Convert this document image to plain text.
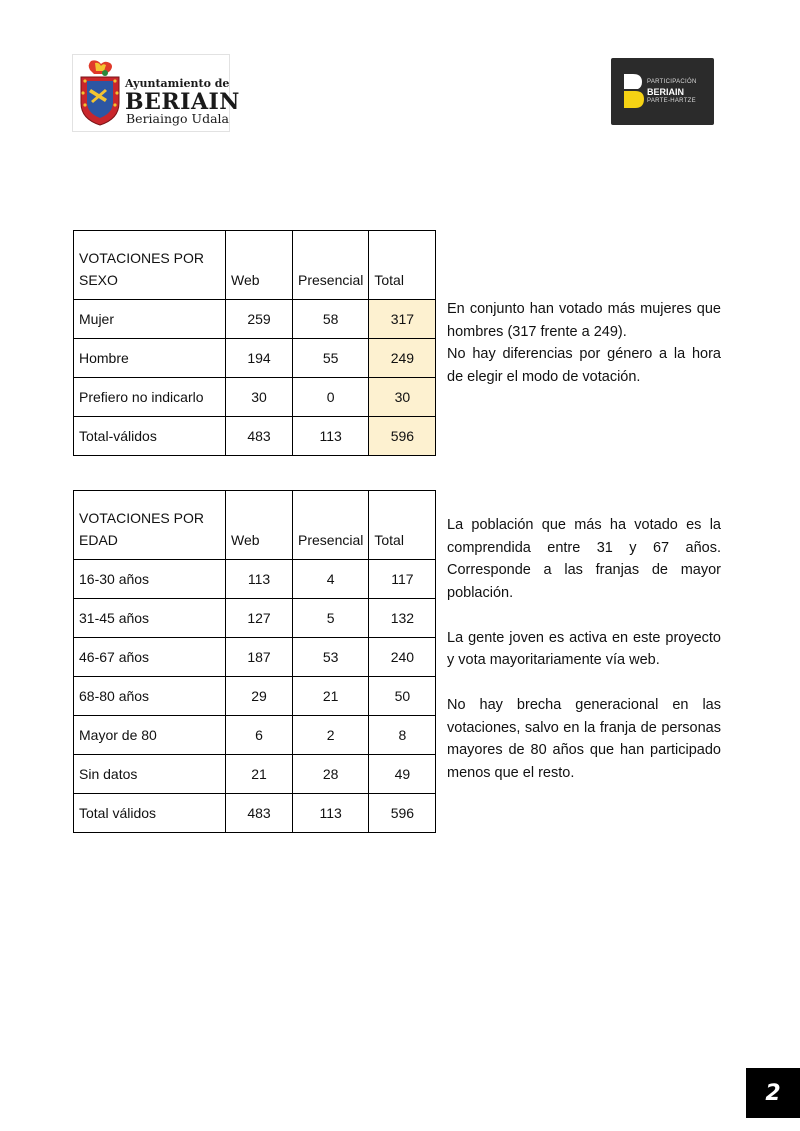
Ayuntamiento de
BERIAIN
Beriaingo Udala
PARTICIPACIÓN
BERIAIN
PARTE-HARTZE
VOTACIONES POR SEXO	Web	Presencial	Total
Mujer	259	58	317
Hombre	194	55	249
Prefiero no indicarlo	30	0	30
Total-válidos	483	113	596

En conjunto han votado más mujeres que hombres (317 frente a 249).

No hay diferencias por género a la hora de elegir el modo de votación.

VOTACIONES POR EDAD	Web	Presencial	Total
16-30 años	113	4	117
31-45 años	127	5	132
46-67 años	187	53	240
68-80 años	29	21	50
Mayor de 80	6	2	8
Sin datos	21	28	49
Total válidos	483	113	596

La población que más ha votado es la comprendida entre 31 y 67 años. Corresponde a las franjas de mayor población.

La gente joven es activa en este proyecto y vota mayoritariamente vía web.

No hay brecha generacional en las votaciones, salvo en la franja de personas mayores de 80 años que han participado menos que el resto.

2
